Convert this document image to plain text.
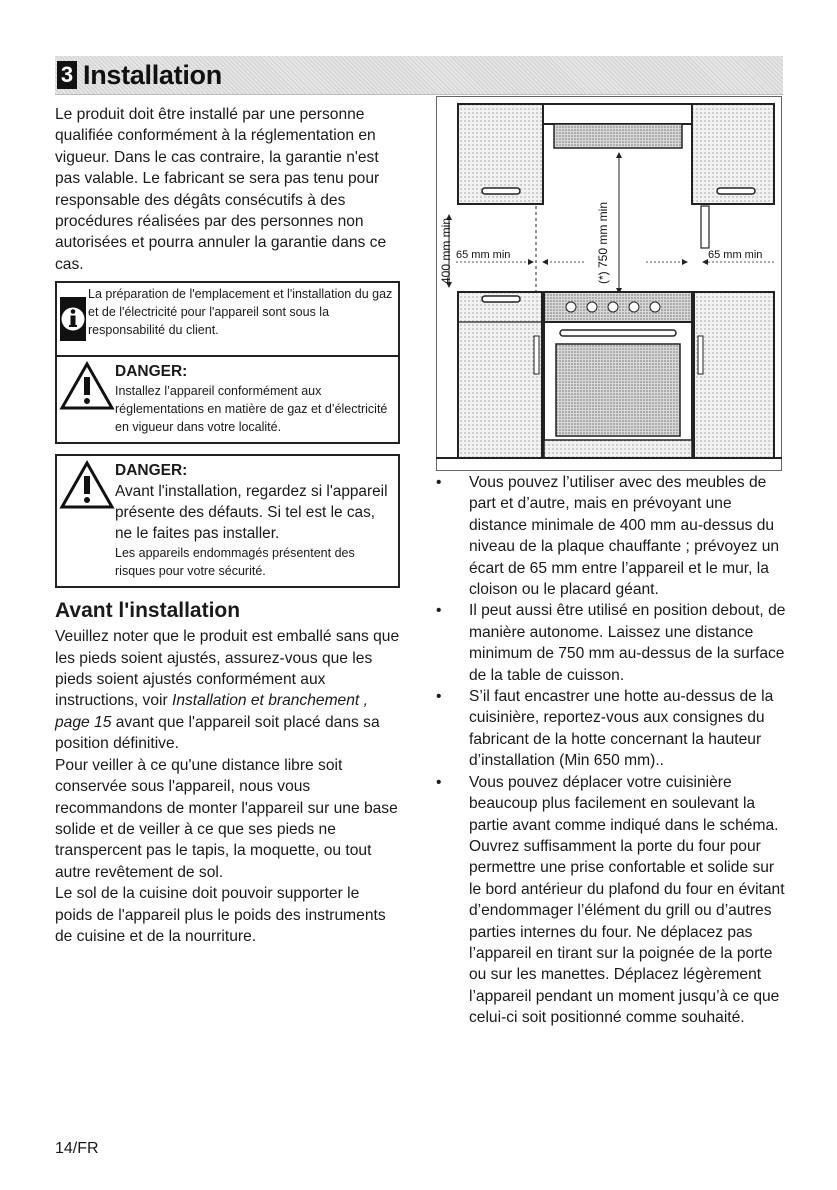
3 Installation

Le produit doit être installé par une personne qualifiée conformément à la réglementation en vigueur. Dans le cas contraire, la garantie n'est pas valable. Le fabricant se sera pas tenu pour responsable des dégâts consécutifs à des procédures réalisées par des personnes non autorisées et pourra annuler la garantie dans ce cas.

La préparation de l'emplacement et l'installation du gaz et de l'électricité pour l'appareil sont sous la responsabilité du client.
DANGER:
Installez l’appareil conformément aux réglementations en matière de gaz et d’électricité en vigueur dans votre localité.
DANGER:
Avant l'installation, regardez si l'appareil présente des défauts. Si tel est le cas, ne le faites pas installer.
Les appareils endommagés présentent des risques pour votre sécurité.
Avant l'installation

Veuillez noter que le produit est emballé sans que les pieds soient ajustés, assurez-vous que les pieds soient ajustés conformément aux instructions, voir Installation et branchement , page 15 avant que l'appareil soit placé dans sa position définitive.

Pour veiller à ce qu'une distance libre soit conservée sous l'appareil, nous vous recommandons de monter l'appareil sur une base solide et de veiller à ce que ses pieds ne transpercent pas le tapis, la moquette, ou tout autre revêtement de sol.

Le sol de la cuisine doit pouvoir supporter le poids de l'appareil plus le poids des instruments de cuisine et de la nourriture.

400 mm min	(*) 750 mm min
65 mm min	65 mm min
• Vous pouvez l’utiliser avec des meubles de part et d’autre, mais en prévoyant une distance minimale de 400 mm au-dessus du niveau de la plaque chauffante ; prévoyez un écart de 65 mm entre l’appareil et le mur, la cloison ou le placard géant.
• Il peut aussi être utilisé en position debout, de manière autonome. Laissez une distance minimum de 750 mm au-dessus de la surface de la table de cuisson.
• S’il faut encastrer une hotte au-dessus de la cuisinière, reportez-vous aux consignes du fabricant de la hotte concernant la hauteur d’installation (Min 650 mm)..
• Vous pouvez déplacer votre cuisinière beaucoup plus facilement en soulevant la partie avant comme indiqué dans le schéma. Ouvrez suffisamment la porte du four pour permettre une prise confortable et solide sur le bord antérieur du plafond du four en évitant d’endommager l’élément du grill ou d’autres parties internes du four. Ne déplacez pas l’appareil en tirant sur la poignée de la porte ou sur les manettes. Déplacez légèrement l’appareil pendant un moment jusqu’à ce que celui-ci soit positionné comme souhaité.
14/FR
